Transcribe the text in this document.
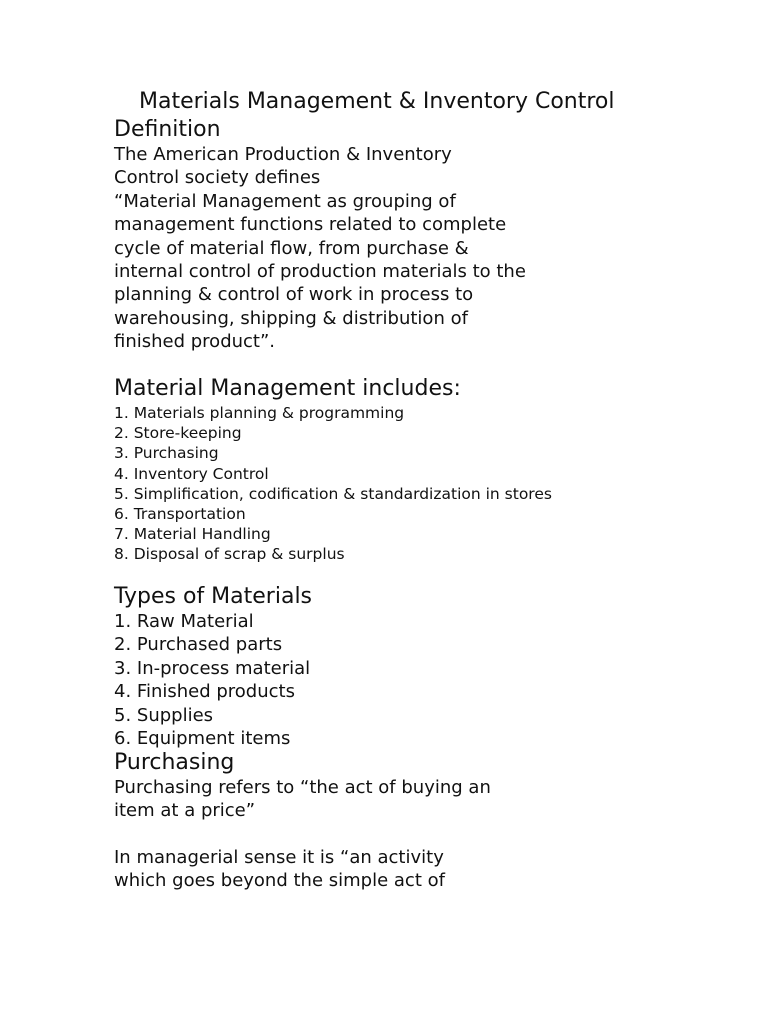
Materials Management & Inventory Control
Definition
The American Production & Inventory
Control society defines
“Material Management as grouping of
management functions related to complete
cycle of material flow, from purchase &
internal control of production materials to the
planning & control of work in process to
warehousing, shipping & distribution of
finished product”.
Material Management includes:
1. Materials planning & programming
2. Store-keeping
3. Purchasing
4. Inventory Control
5. Simplification, codification & standardization in stores
6. Transportation
7. Material Handling
8. Disposal of scrap & surplus
Types of Materials
1. Raw Material
2. Purchased parts
3. In-process material
4. Finished products
5. Supplies
6. Equipment items
Purchasing
Purchasing refers to “the act of buying an
item at a price”
In managerial sense it is “an activity
which goes beyond the simple act of
